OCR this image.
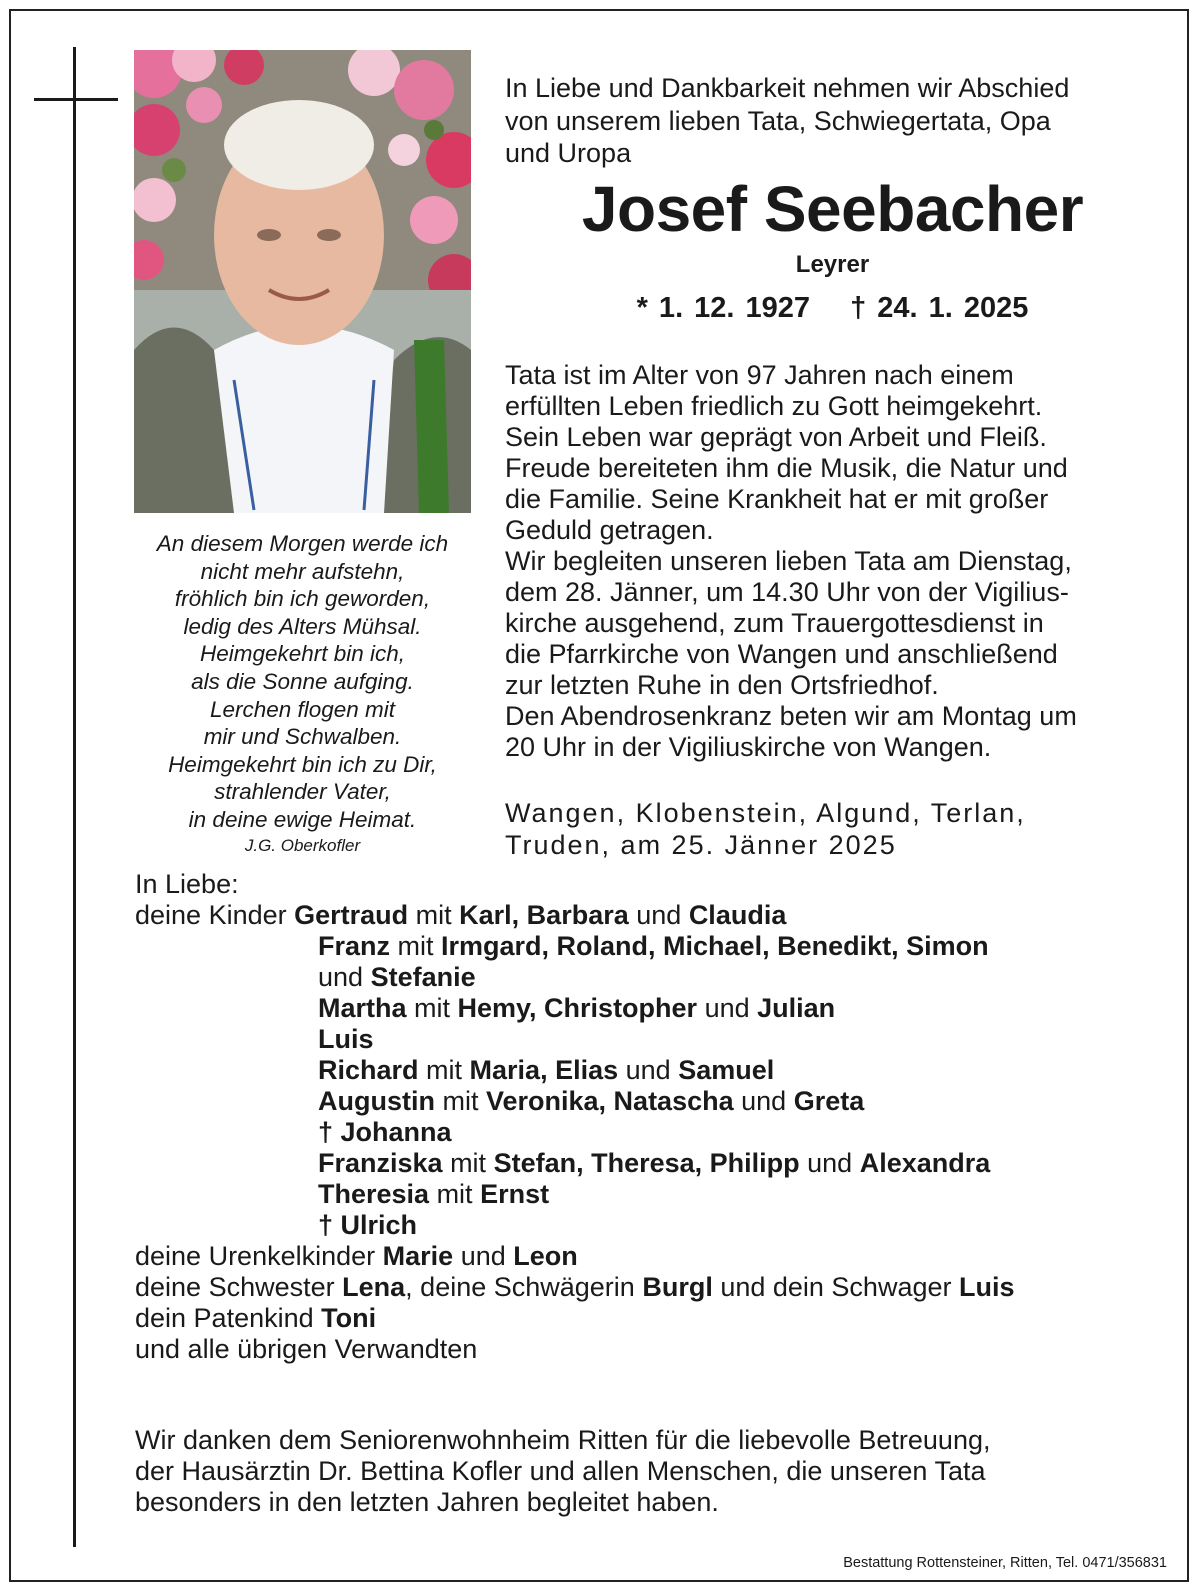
An diesem Morgen werde ich
nicht mehr aufstehn,
fröhlich bin ich geworden,
ledig des Alters Mühsal.
Heimgekehrt bin ich,
als die Sonne aufging.
Lerchen flogen mit
mir und Schwalben.
Heimgekehrt bin ich zu Dir,
strahlender Vater,
in deine ewige Heimat.
J.G. Oberkofler
In Liebe und Dankbarkeit nehmen wir Abschied
von unserem lieben Tata, Schwiegertata, Opa
und Uropa
Josef Seebacher
Leyrer
* 1. 12. 1927 † 24. 1. 2025

Tata ist im Alter von 97 Jahren nach einem

erfüllten Leben friedlich zu Gott heimgekehrt.

Sein Leben war geprägt von Arbeit und Fleiß.

Freude bereiteten ihm die Musik, die Natur und

die Familie. Seine Krankheit hat er mit großer

Geduld getragen.

Wir begleiten unseren lieben Tata am Dienstag,

dem 28. Jänner, um 14.30 Uhr von der Vigilius-

kirche ausgehend, zum Trauergottesdienst in

die Pfarrkirche von Wangen und anschließend

zur letzten Ruhe in den Ortsfriedhof.

Den Abendrosenkranz beten wir am Montag um

20 Uhr in der Vigiliuskirche von Wangen.

Wangen, Klobenstein, Algund, Terlan,
Truden, am 25. Jänner 2025
In Liebe:
deine Kinder Gertraud mit Karl, Barbara und Claudia
Franz mit Irmgard, Roland, Michael, Benedikt, Simon
und Stefanie
Martha mit Hemy, Christopher und Julian
Luis
Richard mit Maria, Elias und Samuel
Augustin mit Veronika, Natascha und Greta
† Johanna
Franziska mit Stefan, Theresa, Philipp und Alexandra
Theresia mit Ernst
† Ulrich
deine Urenkelkinder Marie und Leon
deine Schwester Lena, deine Schwägerin Burgl und dein Schwager Luis
dein Patenkind Toni
und alle übrigen Verwandten
Wir danken dem Seniorenwohnheim Ritten für die liebevolle Betreuung,
der Hausärztin Dr. Bettina Kofler und allen Menschen, die unseren Tata
besonders in den letzten Jahren begleitet haben.
Bestattung Rottensteiner, Ritten, Tel. 0471/356831
